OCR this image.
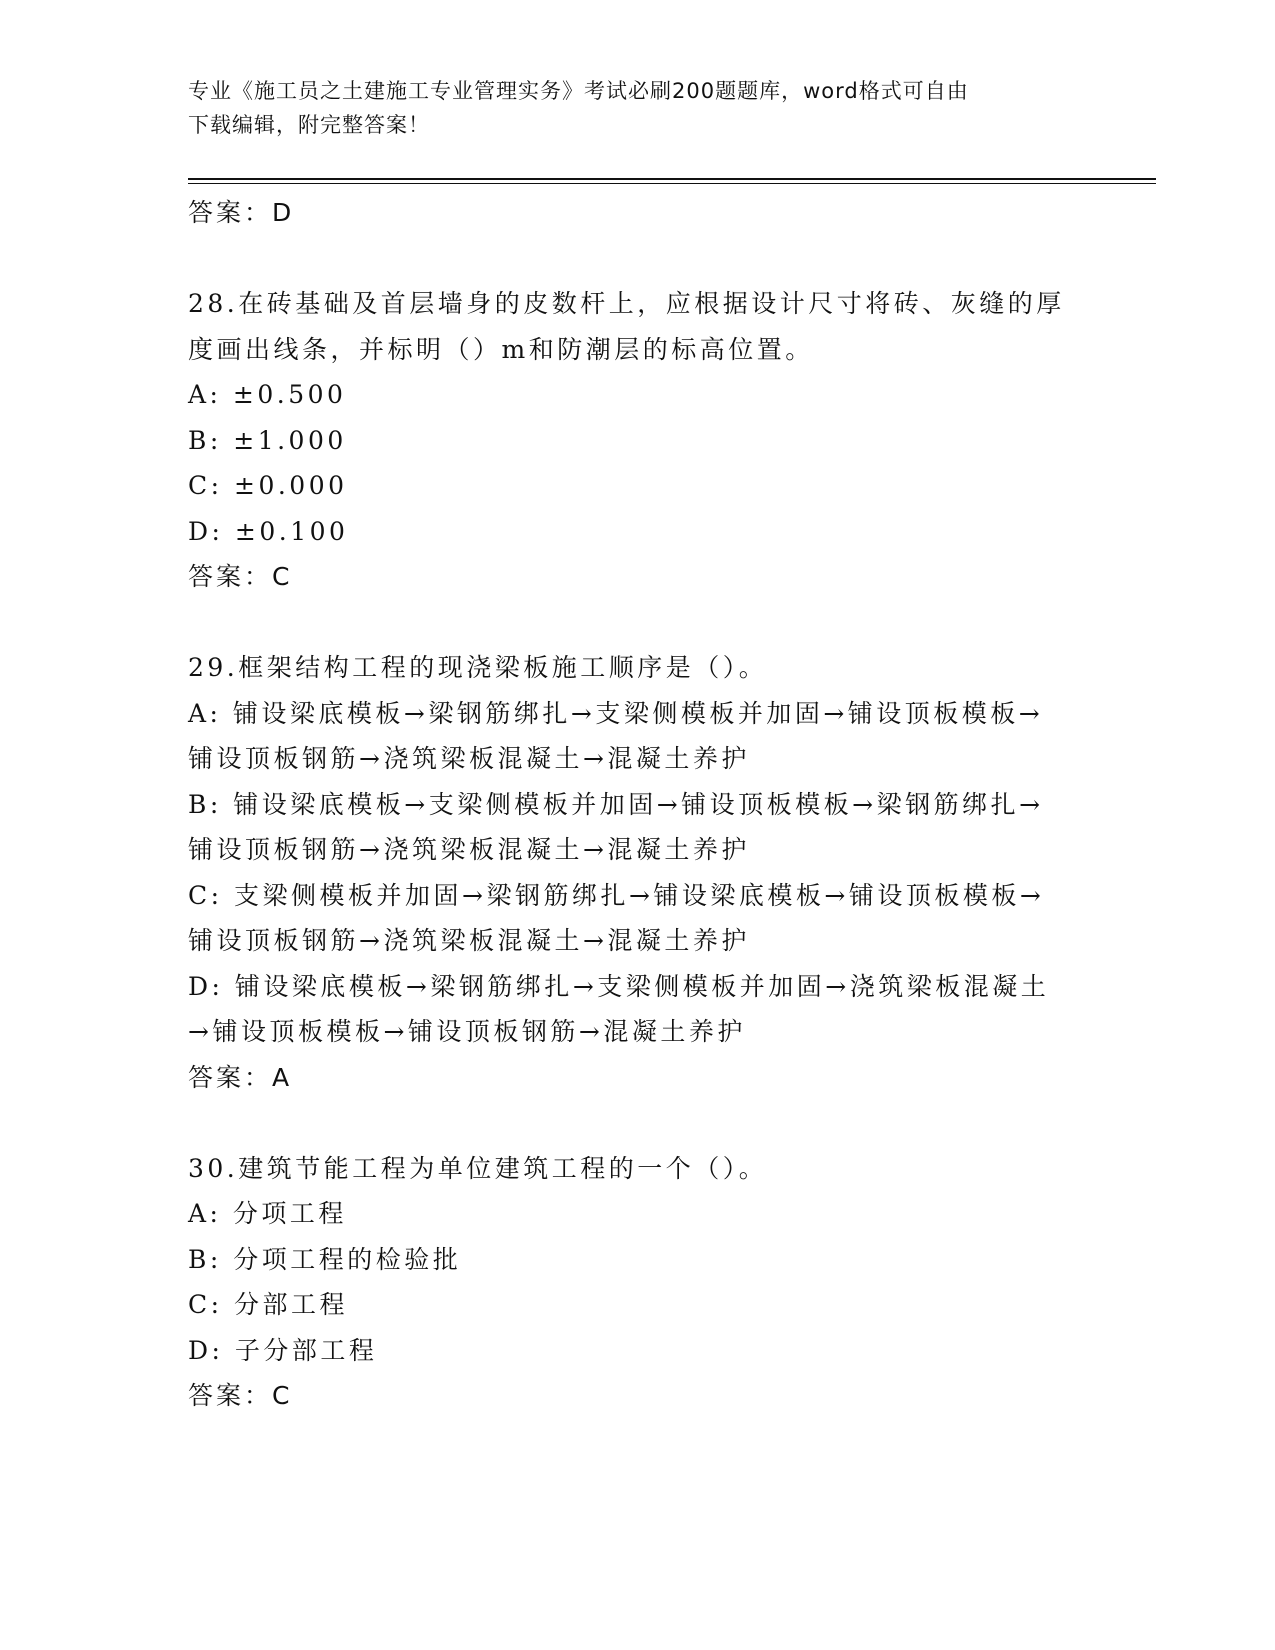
专业《施工员之土建施工专业管理实务》考试必刷200题题库，word格式可自由
下载编辑，附完整答案！
答案：D
28.在砖基础及首层墙身的皮数杆上，应根据设计尺寸将砖、灰缝的厚
度画出线条，并标明（）m和防潮层的标高位置。
A: ±0.500
B: ±1.000
C: ±0.000
D: ±0.100
答案：C
29.框架结构工程的现浇梁板施工顺序是（）。
A: 铺设梁底模板→梁钢筋绑扎→支梁侧模板并加固→铺设顶板模板→
铺设顶板钢筋→浇筑梁板混凝土→混凝土养护
B: 铺设梁底模板→支梁侧模板并加固→铺设顶板模板→梁钢筋绑扎→
铺设顶板钢筋→浇筑梁板混凝土→混凝土养护
C: 支梁侧模板并加固→梁钢筋绑扎→铺设梁底模板→铺设顶板模板→
铺设顶板钢筋→浇筑梁板混凝土→混凝土养护
D: 铺设梁底模板→梁钢筋绑扎→支梁侧模板并加固→浇筑梁板混凝土
→铺设顶板模板→铺设顶板钢筋→混凝土养护
答案：A
30.建筑节能工程为单位建筑工程的一个（）。
A: 分项工程
B: 分项工程的检验批
C: 分部工程
D: 子分部工程
答案：C
